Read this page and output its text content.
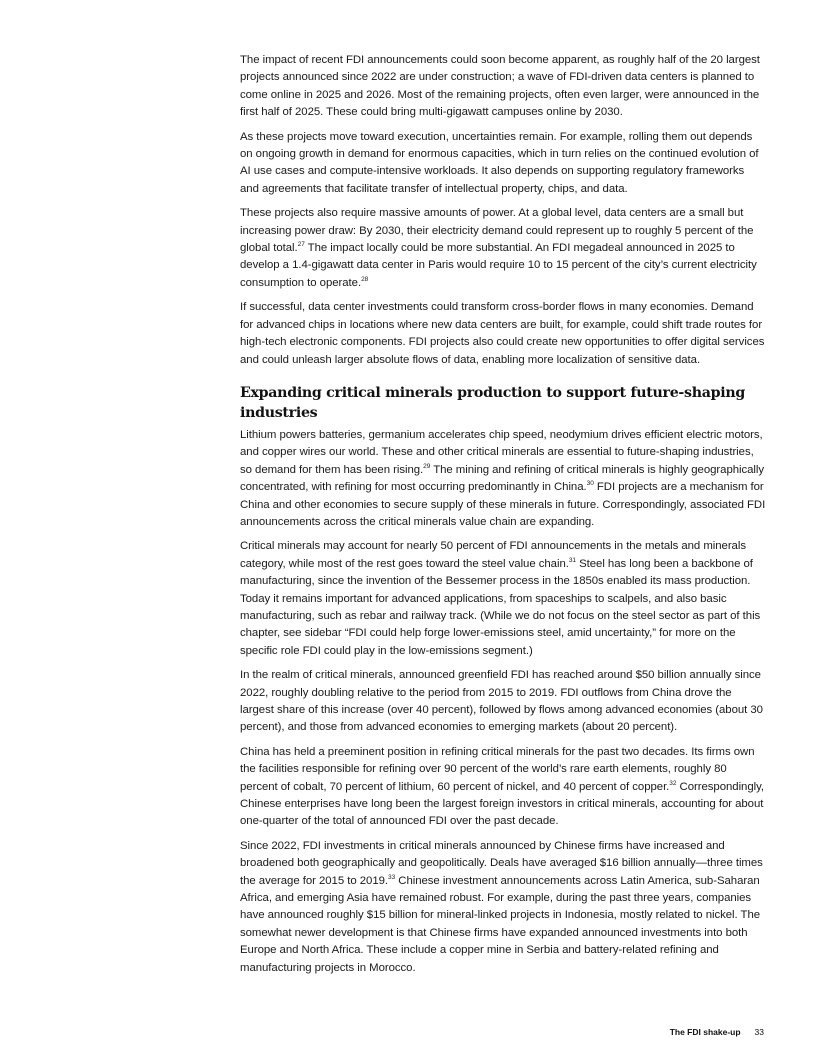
The impact of recent FDI announcements could soon become apparent, as roughly half of the 20 largest projects announced since 2022 are under construction; a wave of FDI-driven data centers is planned to come online in 2025 and 2026. Most of the remaining projects, often even larger, were announced in the first half of 2025. These could bring multi-gigawatt campuses online by 2030.

As these projects move toward execution, uncertainties remain. For example, rolling them out depends on ongoing growth in demand for enormous capacities, which in turn relies on the continued evolution of AI use cases and compute-intensive workloads. It also depends on supporting regulatory frameworks and agreements that facilitate transfer of intellectual property, chips, and data.

These projects also require massive amounts of power. At a global level, data centers are a small but increasing power draw: By 2030, their electricity demand could represent up to roughly 5 percent of the global total.$^{27}$ The impact locally could be more substantial. An FDI megadeal announced in 2025 to develop a 1.4-gigawatt data center in Paris would require 10 to 15 percent of the city’s current electricity consumption to operate.$^{28}$

If successful, data center investments could transform cross-border flows in many economies. Demand for advanced chips in locations where new data centers are built, for example, could shift trade routes for high-tech electronic components. FDI projects also could create new opportunities to offer digital services and could unleash larger absolute flows of data, enabling more localization of sensitive data.

Expanding critical minerals production to support future-shaping industries

Lithium powers batteries, germanium accelerates chip speed, neodymium drives efficient electric motors, and copper wires our world. These and other critical minerals are essential to future-shaping industries, so demand for them has been rising.$^{29}$ The mining and refining of critical minerals is highly geographically concentrated, with refining for most occurring predominantly in China.$^{30}$ FDI projects are a mechanism for China and other economies to secure supply of these minerals in future. Correspondingly, associated FDI announcements across the critical minerals value chain are expanding.

Critical minerals may account for nearly 50 percent of FDI announcements in the metals and minerals category, while most of the rest goes toward the steel value chain.$^{31}$ Steel has long been a backbone of manufacturing, since the invention of the Bessemer process in the 1850s enabled its mass production. Today it remains important for advanced applications, from spaceships to scalpels, and also basic manufacturing, such as rebar and railway track. (While we do not focus on the steel sector as part of this chapter, see sidebar “FDI could help forge lower-emissions steel, amid uncertainty,” for more on the specific role FDI could play in the low-emissions segment.)

In the realm of critical minerals, announced greenfield FDI has reached around $50 billion annually since 2022, roughly doubling relative to the period from 2015 to 2019. FDI outflows from China drove the largest share of this increase (over 40 percent), followed by flows among advanced economies (about 30 percent), and those from advanced economies to emerging markets (about 20 percent).

China has held a preeminent position in refining critical minerals for the past two decades. Its firms own the facilities responsible for refining over 90 percent of the world’s rare earth elements, roughly 80 percent of cobalt, 70 percent of lithium, 60 percent of nickel, and 40 percent of copper.$^{32}$ Correspondingly, Chinese enterprises have long been the largest foreign investors in critical minerals, accounting for about one-quarter of the total of announced FDI over the past decade.

Since 2022, FDI investments in critical minerals announced by Chinese firms have increased and broadened both geographically and geopolitically. Deals have averaged $16 billion annually—three times the average for 2015 to 2019.33 Chinese investment announcements across Latin America, sub-Saharan Africa, and emerging Asia have remained robust. For example, during the past three years, companies have announced roughly $15 billion for mineral-linked projects in Indonesia, mostly related to nickel. The somewhat newer development is that Chinese firms have expanded announced investments into both Europe and North Africa. These include a copper mine in Serbia and battery-related refining and manufacturing projects in Morocco.

The FDI shake-up 33
